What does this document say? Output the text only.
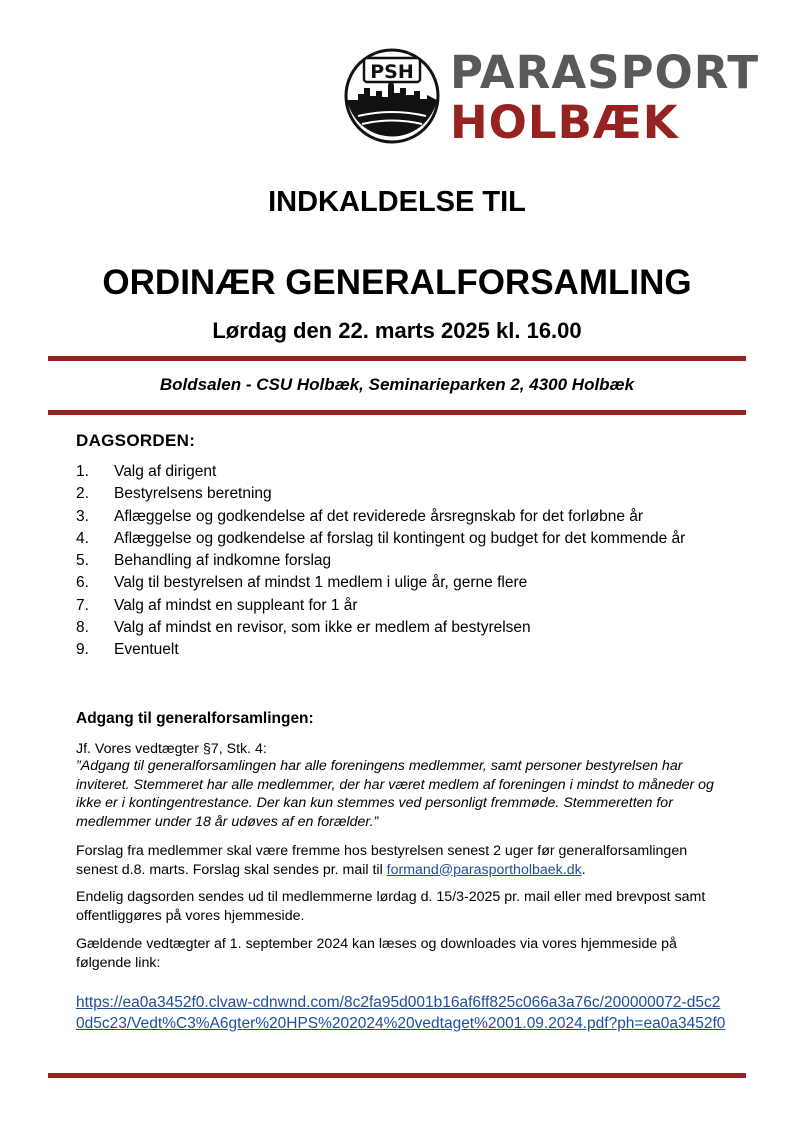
PSH PARASPORT
HOLBÆK
INDKALDELSE TIL
ORDINÆR GENERALFORSAMLING
Lørdag den 22. marts 2025 kl. 16.00
Boldsalen - CSU Holbæk, Seminarieparken 2, 4300 Holbæk
DAGSORDEN:
1.	Valg af dirigent
2.	Bestyrelsens beretning
3.	Aflæggelse og godkendelse af det reviderede årsregnskab for det forløbne år
4.	Aflæggelse og godkendelse af forslag til kontingent og budget for det kommende år
5.	Behandling af indkomne forslag
6.	Valg til bestyrelsen af mindst 1 medlem i ulige år, gerne flere
7.	Valg af mindst en suppleant for 1 år
8.	Valg af mindst en revisor, som ikke er medlem af bestyrelsen
9.	Eventuelt
Adgang til generalforsamlingen:
Jf. Vores vedtægter §7, Stk. 4:
”Adgang til generalforsamlingen har alle foreningens medlemmer, samt personer bestyrelsen har inviteret. Stemmeret har alle medlemmer, der har været medlem af foreningen i mindst to måneder og ikke er i kontingentrestance. Der kan kun stemmes ved personligt fremmøde. Stemmeretten for medlemmer under 18 år udøves af en forælder.”
Forslag fra medlemmer skal være fremme hos bestyrelsen senest 2 uger før generalforsamlingen senest d.8. marts. Forslag skal sendes pr. mail til formand@parasportholbaek.dk.
Endelig dagsorden sendes ud til medlemmerne lørdag d. 15/3-2025 pr. mail eller med brevpost samt offentliggøres på vores hjemmeside.
Gældende vedtægter af 1. september 2024 kan læses og downloades via vores hjemmeside på følgende link:
https://ea0a3452f0.clvaw-cdnwnd.com/8c2fa95d001b16af6ff825c066a3a76c/200000072-d5c20d5c23/Vedt%C3%A6gter%20HPS%202024%20vedtaget%2001.09.2024.pdf?ph=ea0a3452f0
